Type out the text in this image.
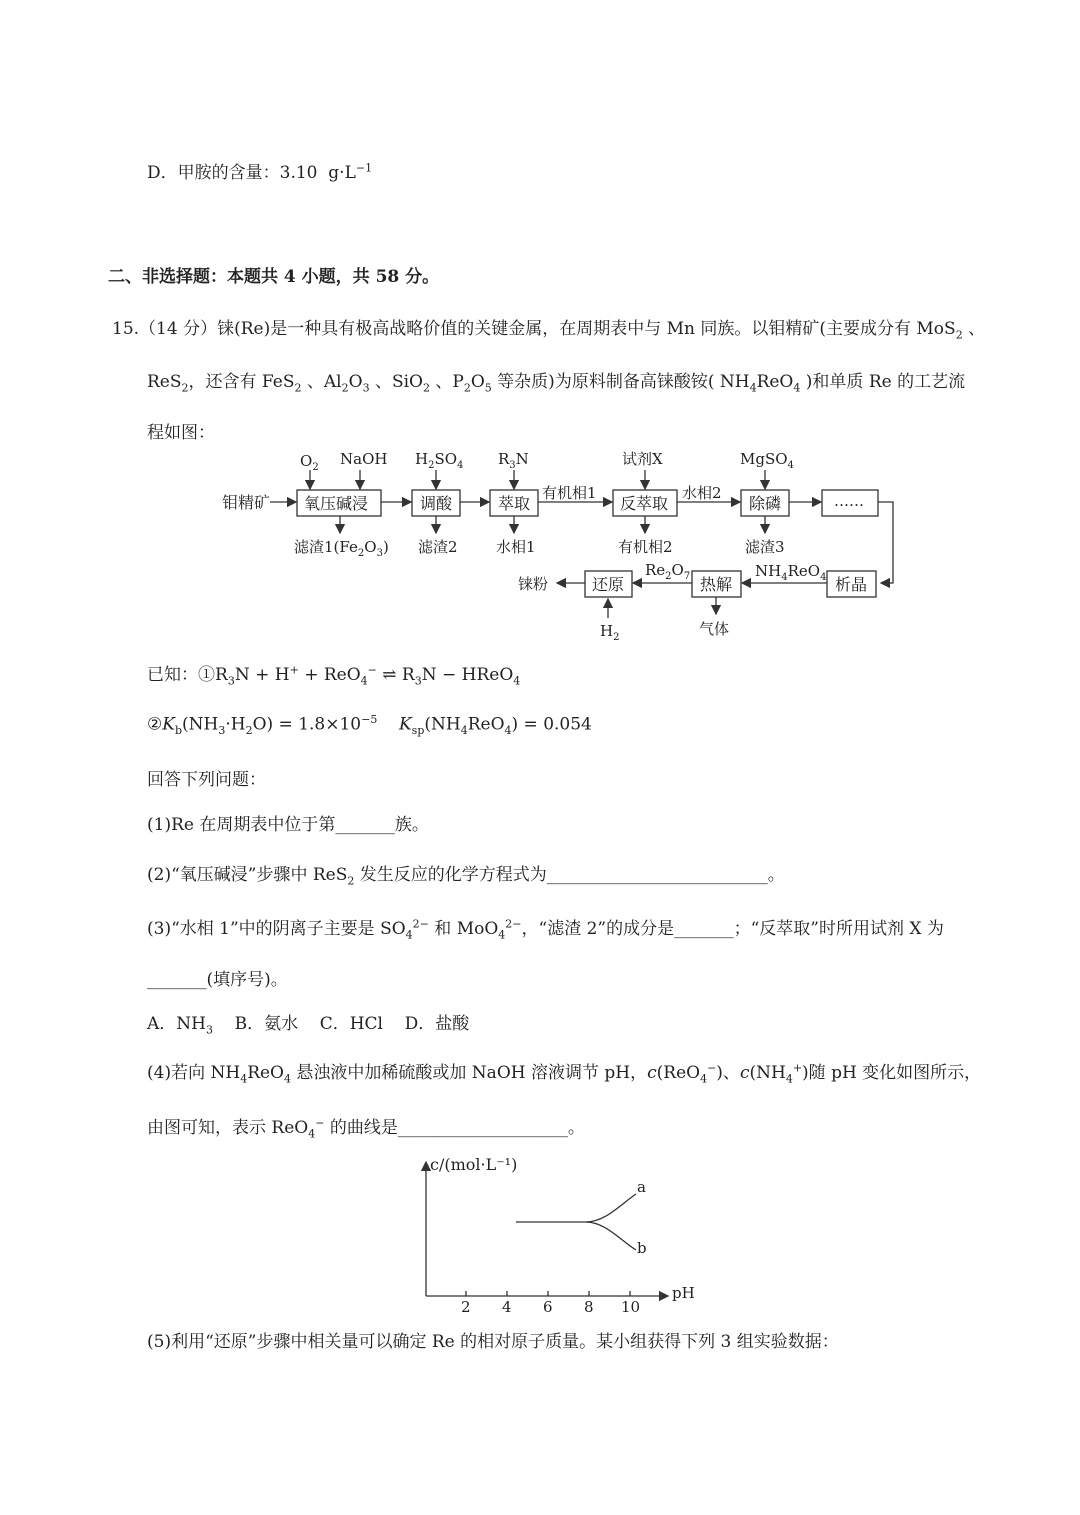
D．甲胺的含量：3.10  $g\cdot L^{-1}$
二、非选择题：本题共 4 小题，共 58 分。
15.（14 分）铼(Re)是一种具有极高战略价值的关键金属，在周期表中与 Mn 同族。以钼精矿(主要成分有 MoS$_2$ 、
ReS$_2$，还含有 FeS$_2$ 、$Al_2O_3$ 、SiO$_2$ 、$P_2O_5$ 等杂质)为原料制备高铼酸铵( $NH_4ReO_4$ )和单质 Re 的工艺流
程如图：
钼精矿 氧压碱浸
$O_2$ NaOH
滤渣$1(Fe_2O_3)$
调酸
$H_2SO_4$
滤渣2
萃取
$R_3N$
水相1
有机相1
反萃取
试剂X
有机相2
水相2
除磷
MgSO$_4$
滤渣3
……
析晶
$NH_4ReO_4$
热解
气体
$Re_2O_7$
还原
$H_2$
铼粉
已知：$①R_3N + H^+ + ReO_4^-$ ⇌ $R_3N$ − HReO$_4$
$②K_b(NH_3\cdot H_2O) = 1.8\times 10^{-5}$ $K_{sp}(NH_4ReO_4) = 0.054$
回答下列问题：
(1)Re 在周期表中位于第_______族。
(2)“氧压碱浸”步骤中 ReS$_2$ 发生反应的化学方程式为__________________________。
(3)“水相 1”中的阴离子主要是 $SO_4^{2-}$ 和 MoO$_4^{2-}$，“滤渣 2”的成分是_______；“反萃取”时所用试剂 X 为
_______(填序号)。
A．$NH_3$    B．氨水    C．HCl    D．盐酸
(4)若向 $NH_4ReO_4$ 悬浊液中加稀硫酸或加 NaOH 溶液调节 pH，c(ReO$_4$−)、$c(NH_4^+)$随 pH 变化如图所示，
由图可知，表示 ReO$_4$− 的曲线是____________________。
c/(mol·L⁻¹)
pH
2 4 6 8 10
a
b
(5)利用“还原”步骤中相关量可以确定 Re 的相对原子质量。某小组获得下列 3 组实验数据：
